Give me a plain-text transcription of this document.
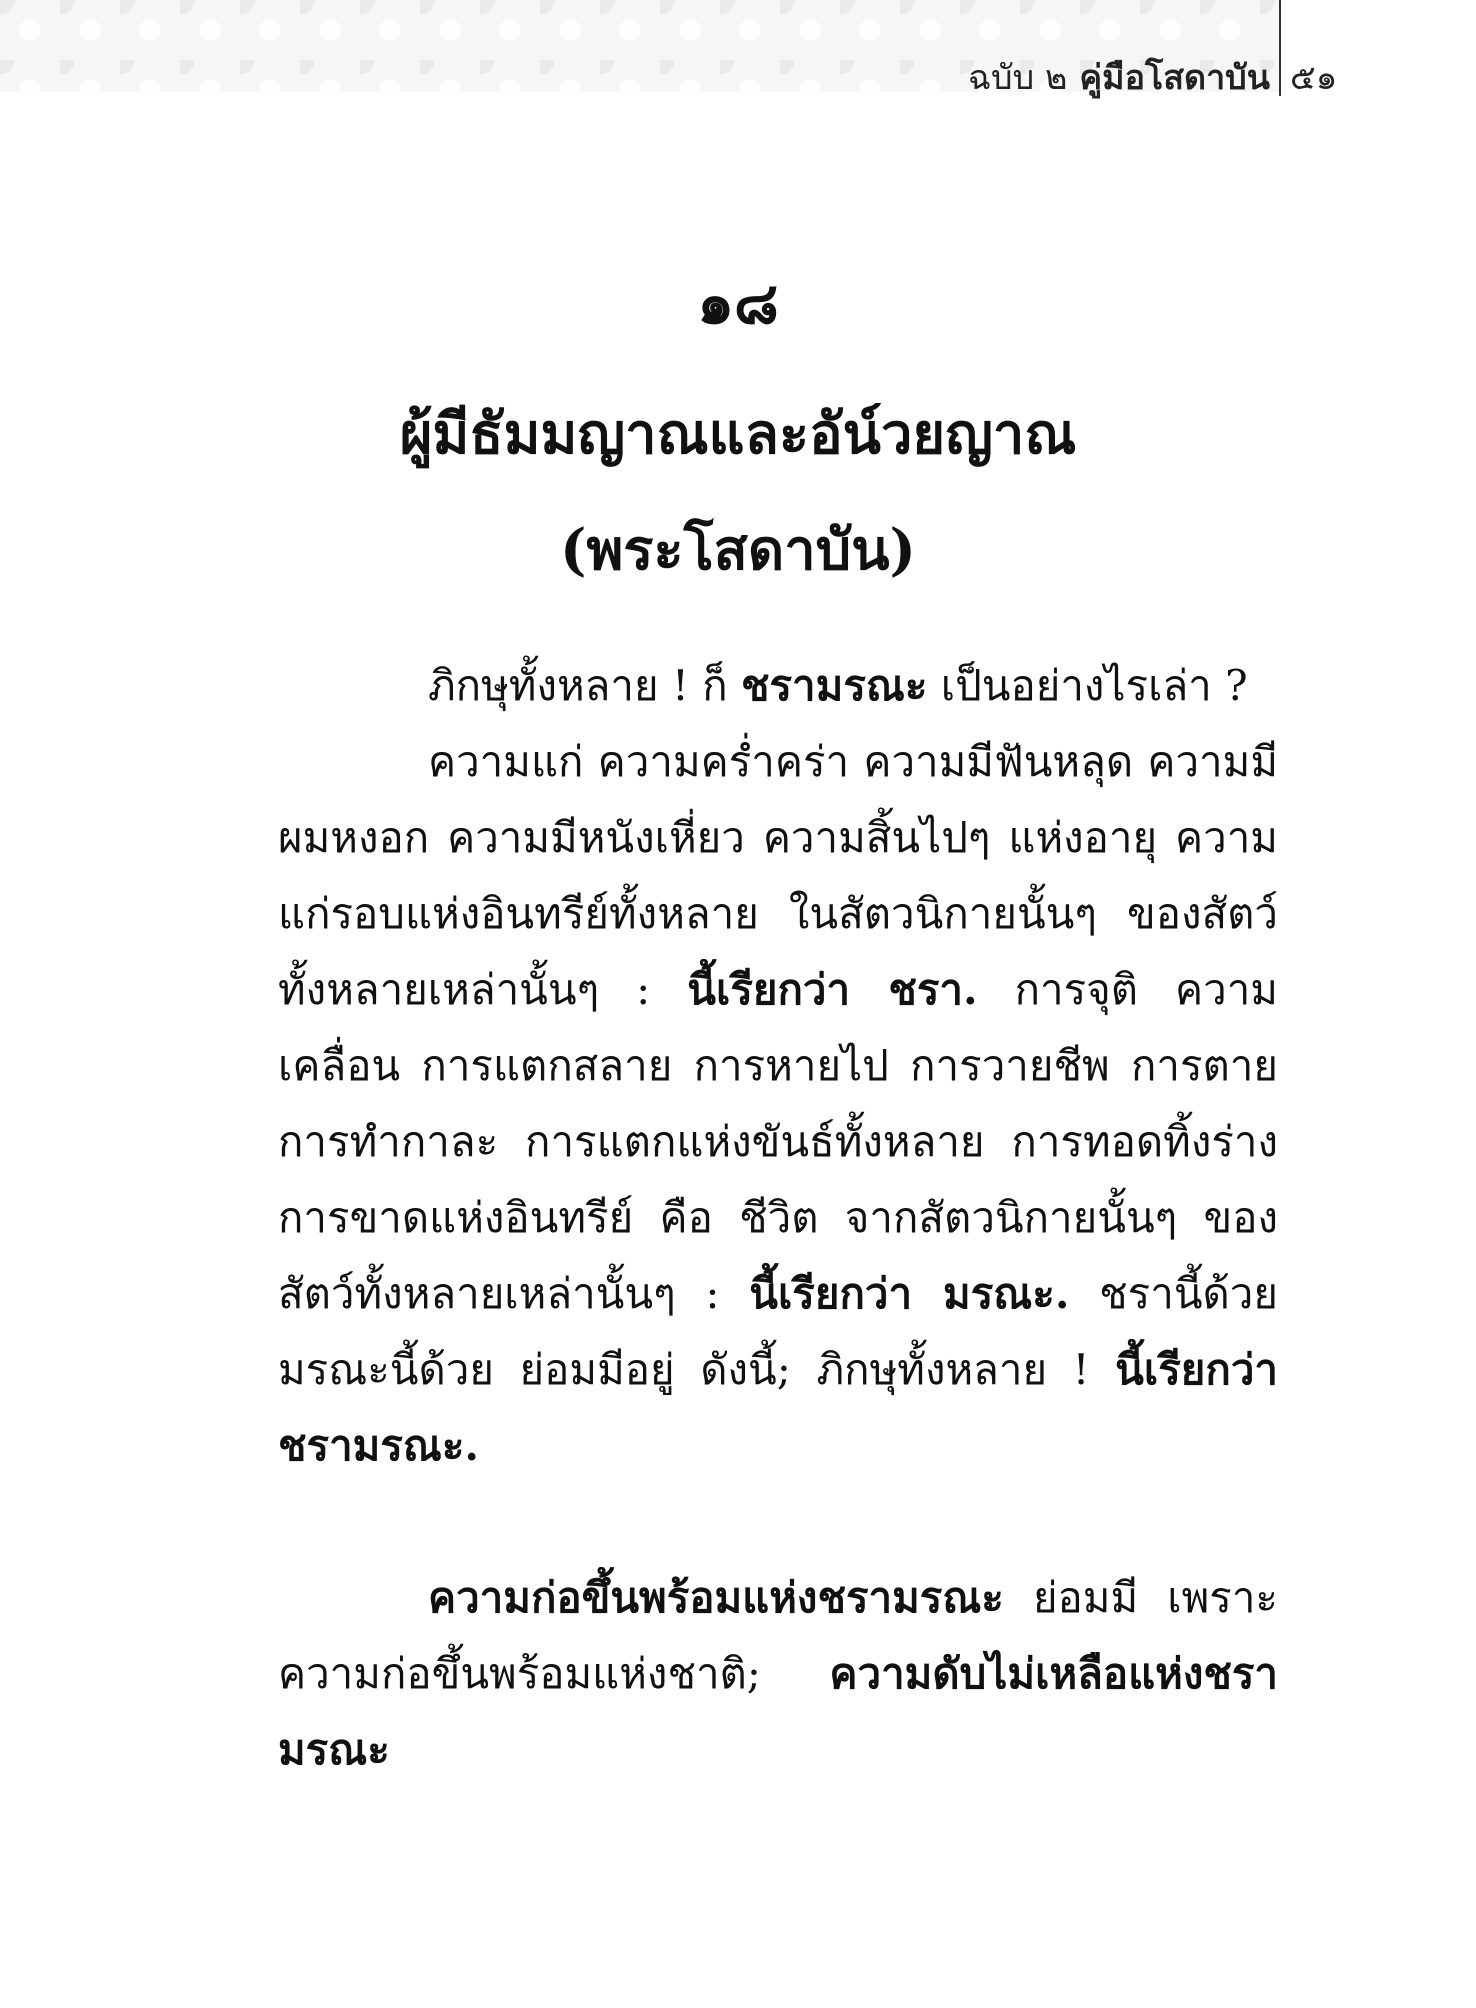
ฉบับ ๒ คู่มือโสดาบัน ๕๑
๑๘
ผู้มีธัมมญาณและอัน์วยญาณ
(พระโสดาบัน)

ภิกษุทั้งหลาย ! ก็ ชรามรณะ เป็นอย่างไรเล่า ?

ความแก่ ความคร่ำคร่า ความมีฟันหลุด ความมีผมหงอก ความมีหนังเหี่ยว ความสิ้นไปๆ แห่งอายุ ความแก่รอบแห่งอินทรีย์ทั้งหลาย ในสัตวนิกายนั้นๆ ของสัตว์ทั้งหลายเหล่านั้นๆ : นี้เรียกว่า ชรา. การจุติ ความเคลื่อน การแตกสลาย การหายไป การวายชีพ การตาย การทำกาละ การแตกแห่งขันธ์ทั้งหลาย การทอดทิ้งร่าง การขาดแห่งอินทรีย์ คือ ชีวิต จากสัตวนิกายนั้นๆ ของสัตว์ทั้งหลายเหล่านั้นๆ : นี้เรียกว่า มรณะ. ชรานี้ด้วย มรณะนี้ด้วย ย่อมมีอยู่ ดังนี้; ภิกษุทั้งหลาย ! นี้เรียกว่า ชรามรณะ.

ความก่อขึ้นพร้อมแห่งชรามรณะ ย่อมมี เพราะความก่อขึ้นพร้อมแห่งชาติ; ความดับไม่เหลือแห่งชรามรณะ
